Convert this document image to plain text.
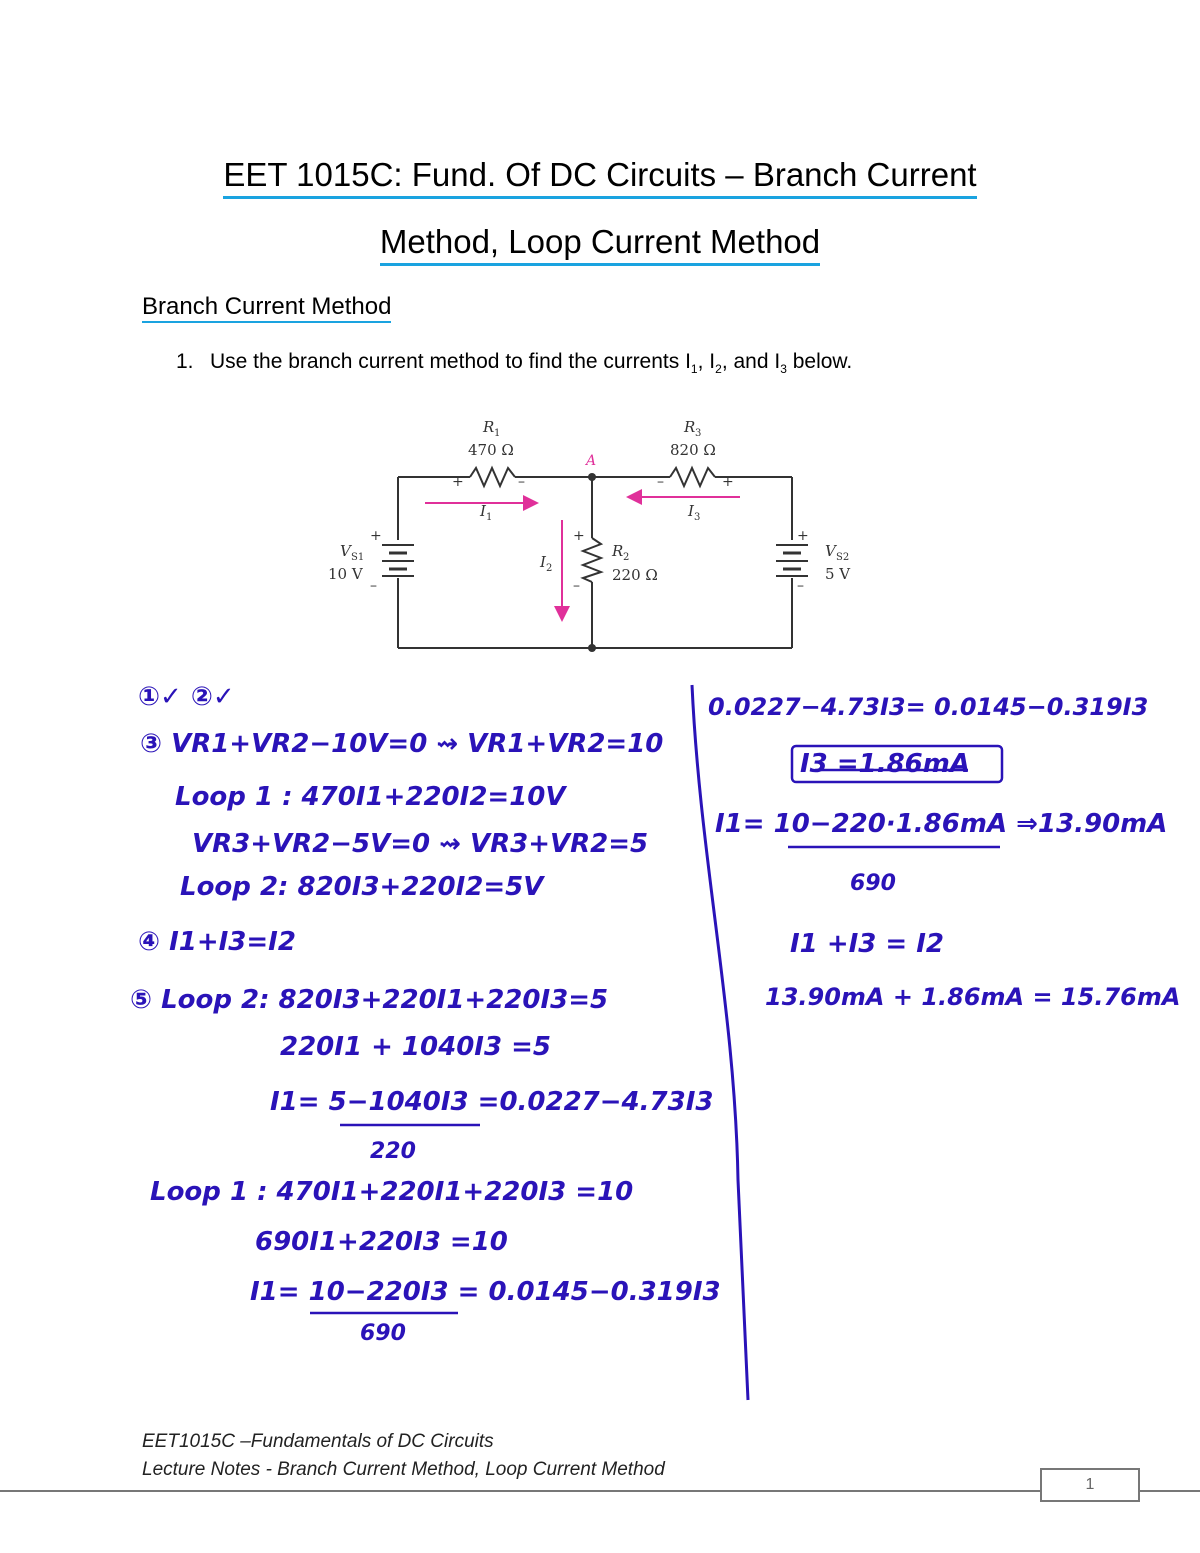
EET 1015C: Fund. Of DC Circuits – Branch Current
Method, Loop Current Method
Branch Current Method
1. Use the branch current method to find the currents $I_1$, $I_2$, and $I_3$ below.
R 1
470 Ω
R 3
820 Ω
R 2
220 Ω
A
V S1
10 V
V S2
5 V
I 1	I 3
I 2
+	–	–	+
+
–
+
–
+
–
①✓ ②✓
③ VR1+VR2−10V=0 ⇝ VR1+VR2=10
Loop 1 : 470I1+220I2=10V
VR3+VR2−5V=0 ⇝ VR3+VR2=5
Loop 2: 820I3+220I2=5V
④ I1+I3=I2
⑤ Loop 2: 820I3+220I1+220I3=5
220I1 + 1040I3 =5
I1= 5−1040I3 =0.0227−4.73I3
220
Loop 1 : 470I1+220I1+220I3 =10
690I1+220I3 =10
I1= 10−220I3 = 0.0145−0.319I3
690
0.0227−4.73I3= 0.0145−0.319I3
I3 =1.86mA
I1= 10−220·1.86mA ⇒13.90mA
690
I1 +I3 = I2
13.90mA + 1.86mA = 15.76mA
EET1015C –Fundamentals of DC Circuits
Lecture Notes - Branch Current Method, Loop Current Method
1
